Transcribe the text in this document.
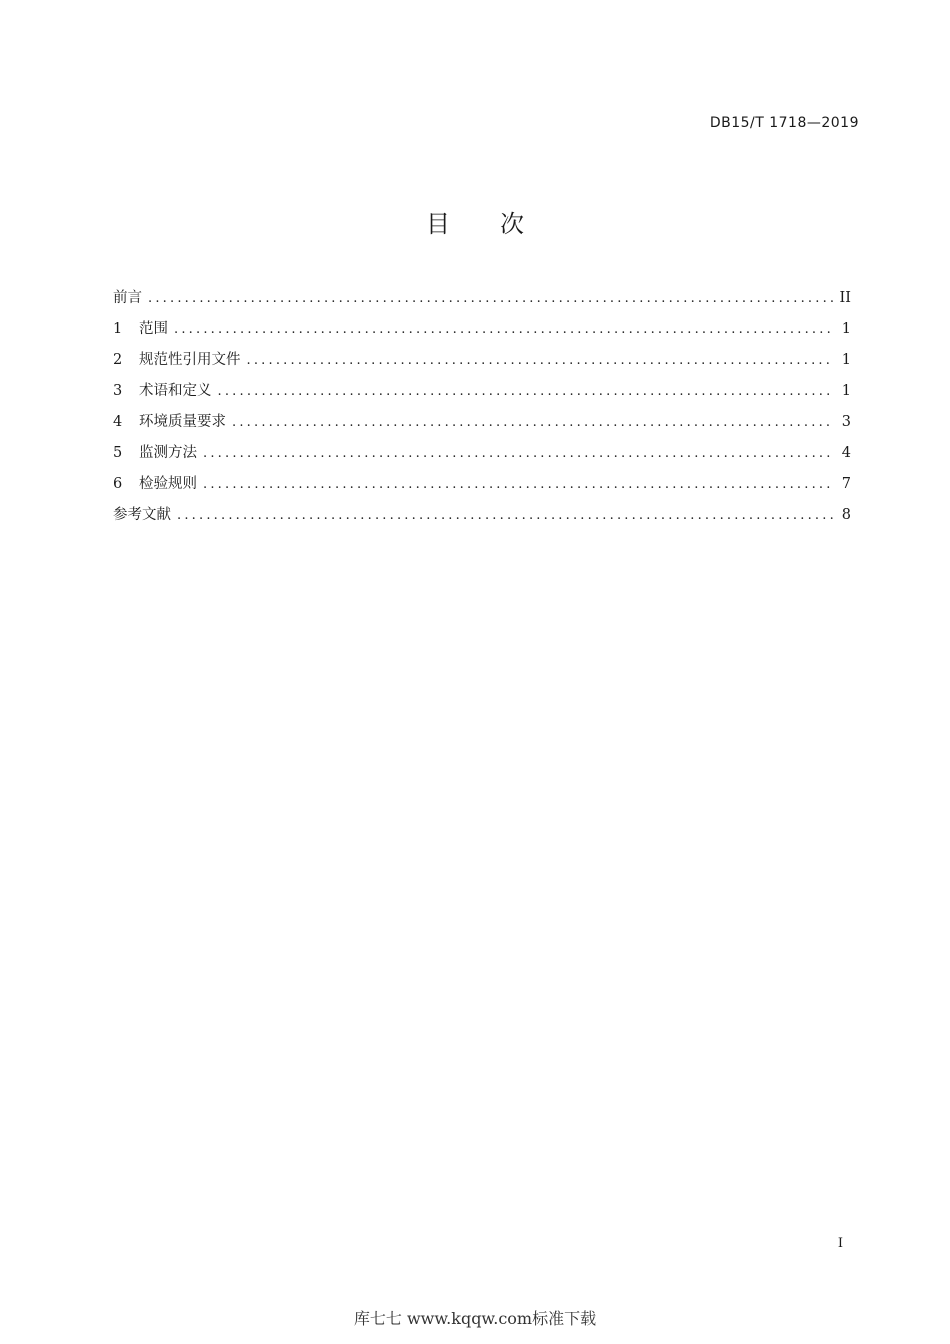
DB15/T 1718—2019
目 次
前言 .....	II
1	范围 .....	1
2	规范性引用文件 .....	1
3	术语和定义 .....	1
4	环境质量要求 .....	3
5	监测方法 .....	4
6	检验规则 .....	7
参考文献 .....	8
I
库七七 www.kqqw.com标准下载
